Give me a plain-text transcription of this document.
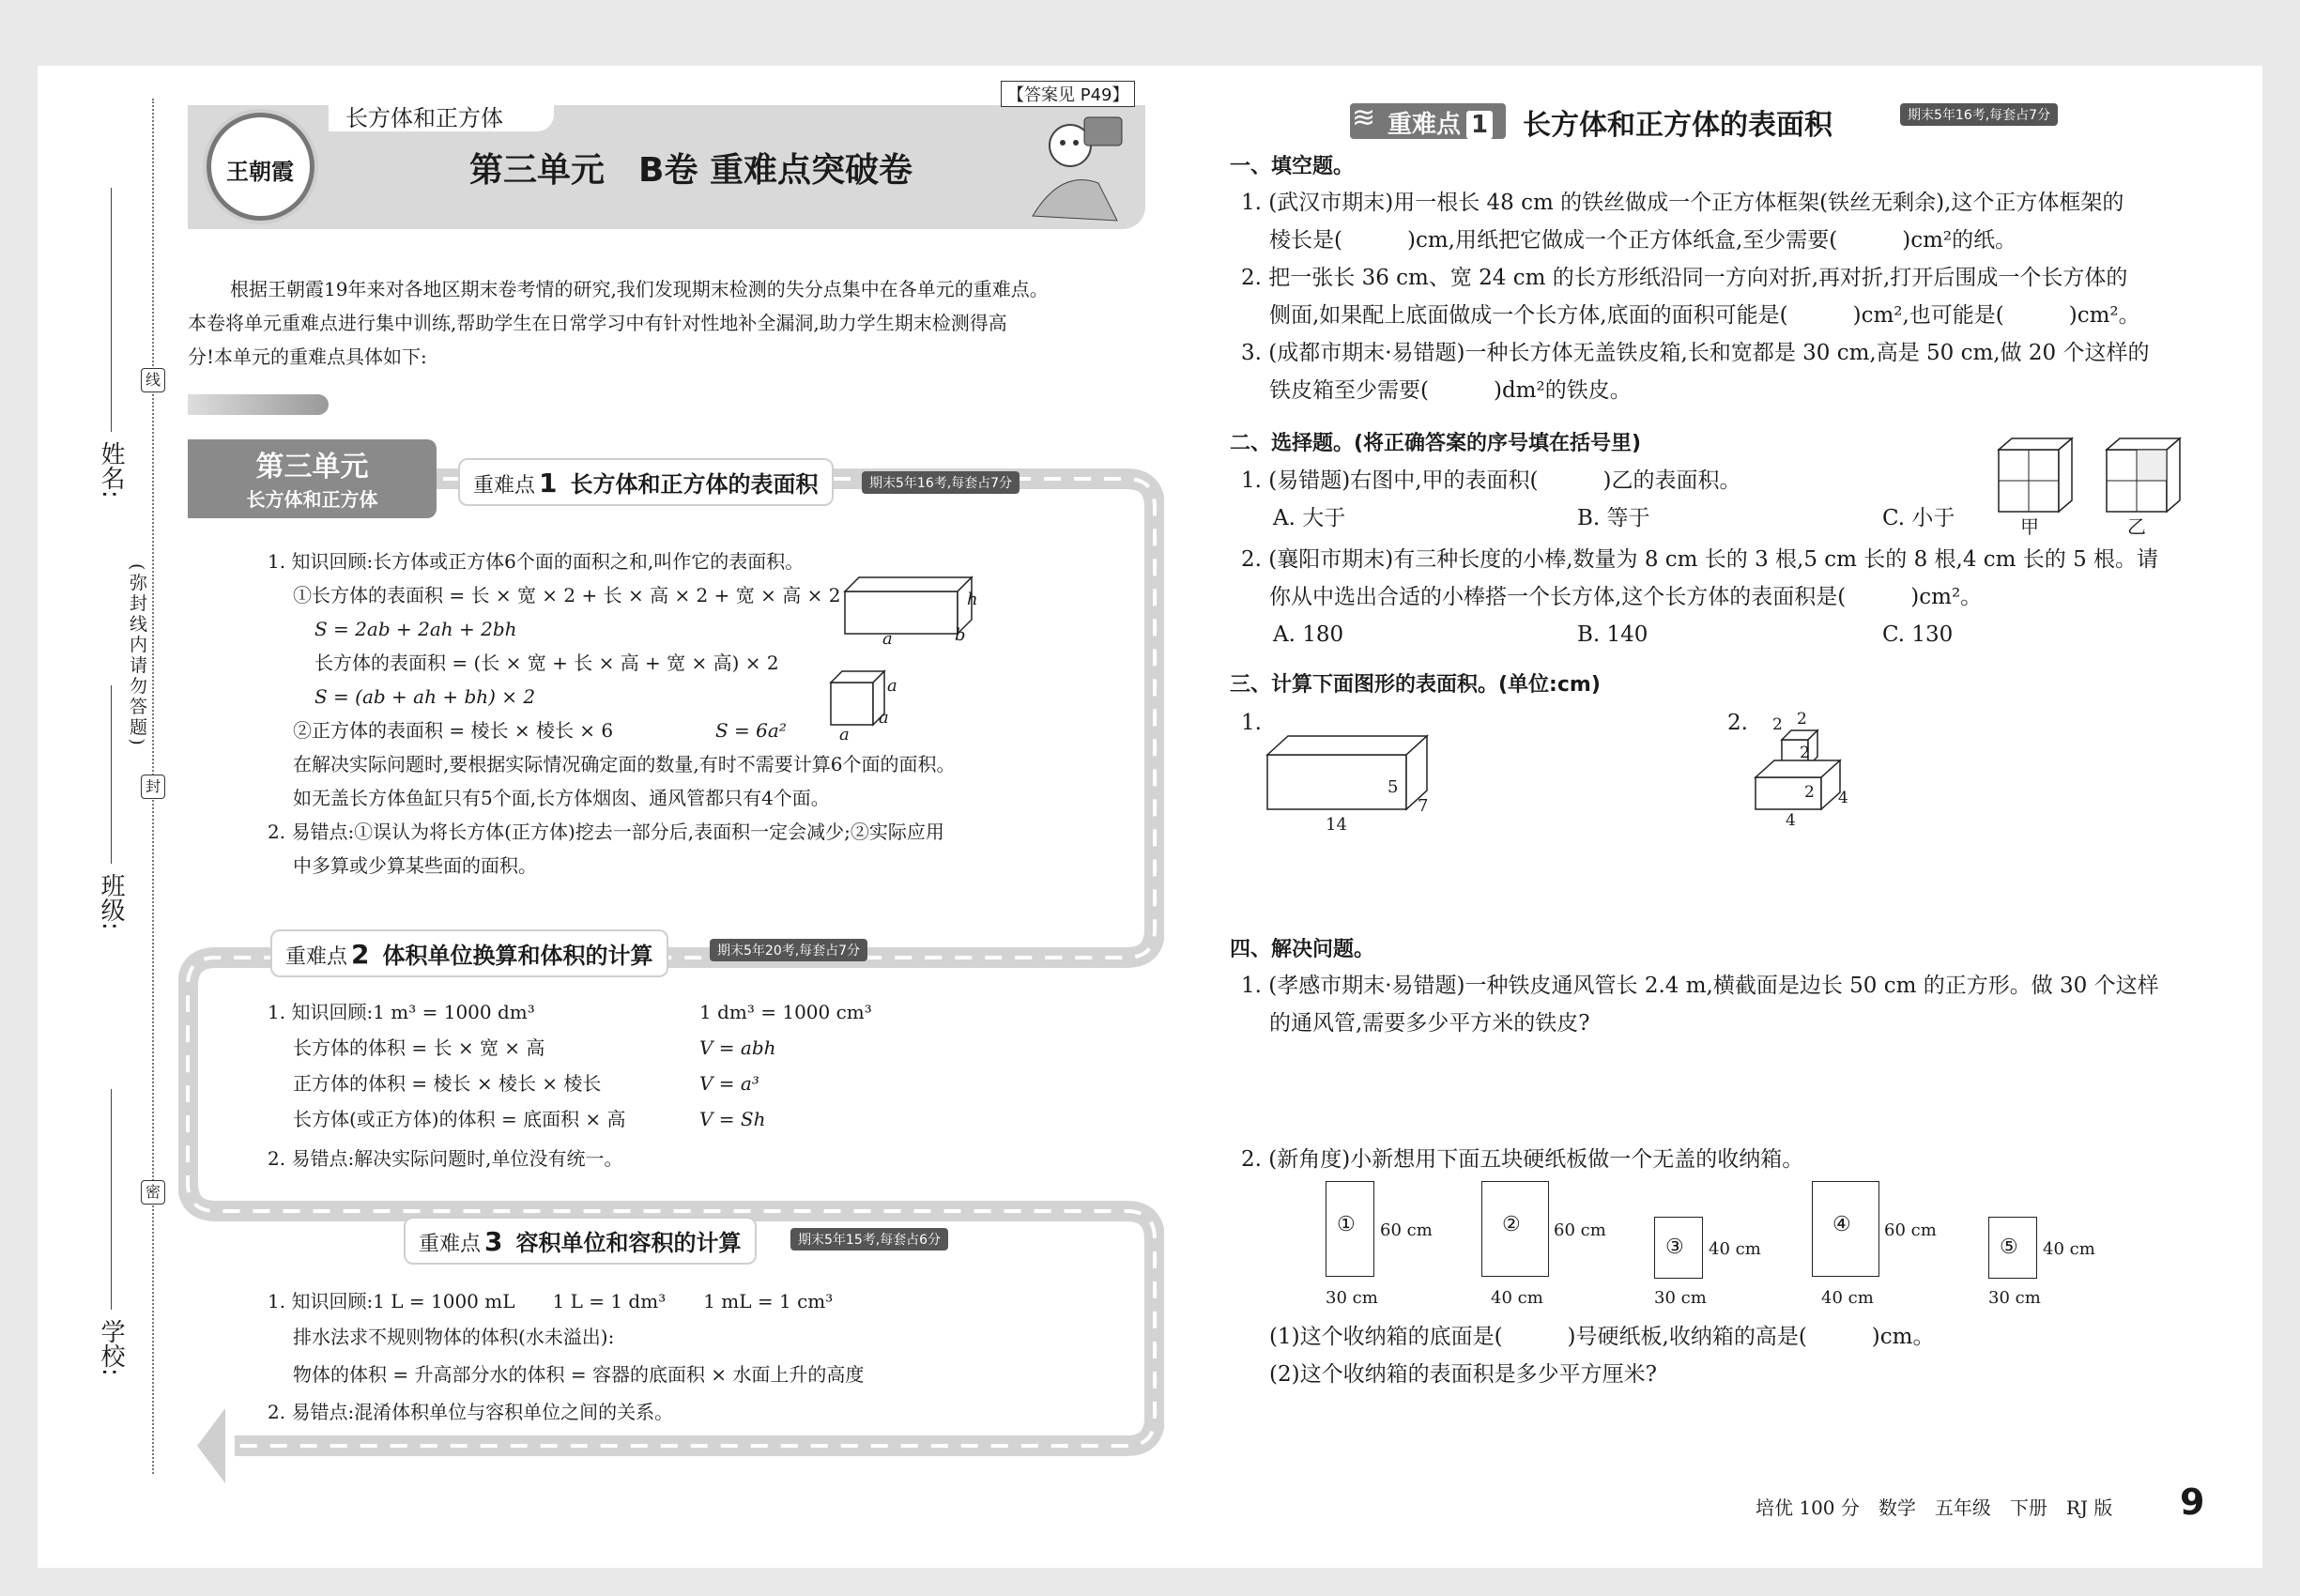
姓名:
班级:
学校:
线
封
密
(弥封线内请勿答题)
长方体和正方体
王朝霞
【答案见 P49】
第三单元　B卷 重难点突破卷
根据王朝霞19年来对各地区期末卷考情的研究,我们发现期末检测的失分点集中在各单元的重难点。
本卷将单元重难点进行集中训练,帮助学生在日常学习中有针对性地补全漏洞,助力学生期末检测得高
分!本单元的重难点具体如下:
第三单元
长方体和正方体
重难点 1 长方体和正方体的表面积	期末5年16考,每套占7分
1. 知识回顾:长方体或正方体6个面的面积之和,叫作它的表面积。
①长方体的表面积 = 长 × 宽 × 2 + 长 × 高 × 2 + 宽 × 高 × 2
S = 2ab + 2ah + 2bh
长方体的表面积 = (长 × 宽 + 长 × 高 + 宽 × 高) × 2
S = (ab + ah + bh) × 2
②正方体的表面积 = 棱长 × 棱长 × 6	S = 6a²
在解决实际问题时,要根据实际情况确定面的数量,有时不需要计算6个面的面积。
如无盖长方体鱼缸只有5个面,长方体烟囱、通风管都只有4个面。
2. 易错点:①误认为将长方体(正方体)挖去一部分后,表面积一定会减少;②实际应用
中多算或少算某些面的面积。
h
a	b
a
a
a
重难点 2 体积单位换算和体积的计算	期末5年20考,每套占7分
1. 知识回顾:1 m³ = 1000 dm³	1 dm³ = 1000 cm³
长方体的体积 = 长 × 宽 × 高	V = abh
正方体的体积 = 棱长 × 棱长 × 棱长	V = a³
长方体(或正方体)的体积 = 底面积 × 高	V = Sh
2. 易错点:解决实际问题时,单位没有统一。
重难点 3 容积单位和容积的计算	期末5年15考,每套占6分
1. 知识回顾:1 L = 1000 mL　　1 L = 1 dm³　　1 mL = 1 cm³
排水法求不规则物体的体积(水未溢出):
物体的体积 = 升高部分水的体积 = 容器的底面积 × 水面上升的高度
2. 易错点:混淆体积单位与容积单位之间的关系。
≋ 重难点 1 长方体和正方体的表面积	期末5年16考,每套占7分
一、填空题。
1. (武汉市期末)用一根长 48 cm 的铁丝做成一个正方体框架(铁丝无剩余),这个正方体框架的
棱长是(　　　)cm,用纸把它做成一个正方体纸盒,至少需要(　　　)cm²的纸。
2. 把一张长 36 cm、宽 24 cm 的长方形纸沿同一方向对折,再对折,打开后围成一个长方体的
侧面,如果配上底面做成一个长方体,底面的面积可能是(　　　)cm²,也可能是(　　　)cm²。
3. (成都市期末·易错题)一种长方体无盖铁皮箱,长和宽都是 30 cm,高是 50 cm,做 20 个这样的
铁皮箱至少需要(　　　)dm²的铁皮。
二、选择题。(将正确答案的序号填在括号里)
1. (易错题)右图中,甲的表面积(　　　)乙的表面积。
A. 大于	B. 等于	C. 小于	甲	乙
2. (襄阳市期末)有三种长度的小棒,数量为 8 cm 长的 3 根,5 cm 长的 8 根,4 cm 长的 5 根。请
你从中选出合适的小棒搭一个长方体,这个长方体的表面积是(　　　)cm²。
A. 180	B. 140	C. 130
三、计算下面图形的表面积。(单位:cm)
1.
5
7
14
2. 2 2
2
2 4
4
四、解决问题。
1. (孝感市期末·易错题)一种铁皮通风管长 2.4 m,横截面是边长 50 cm 的正方形。做 30 个这样
的通风管,需要多少平方米的铁皮?
2. (新角度)小新想用下面五块硬纸板做一个无盖的收纳箱。
① 60 cm
30 cm
② 60 cm
40 cm
③ 40 cm
30 cm
④ 60 cm
40 cm
⑤ 40 cm
30 cm
(1)这个收纳箱的底面是(　　　)号硬纸板,收纳箱的高是(　　　)cm。
(2)这个收纳箱的表面积是多少平方厘米?
培优 100 分　数学　五年级　下册　RJ 版 9
